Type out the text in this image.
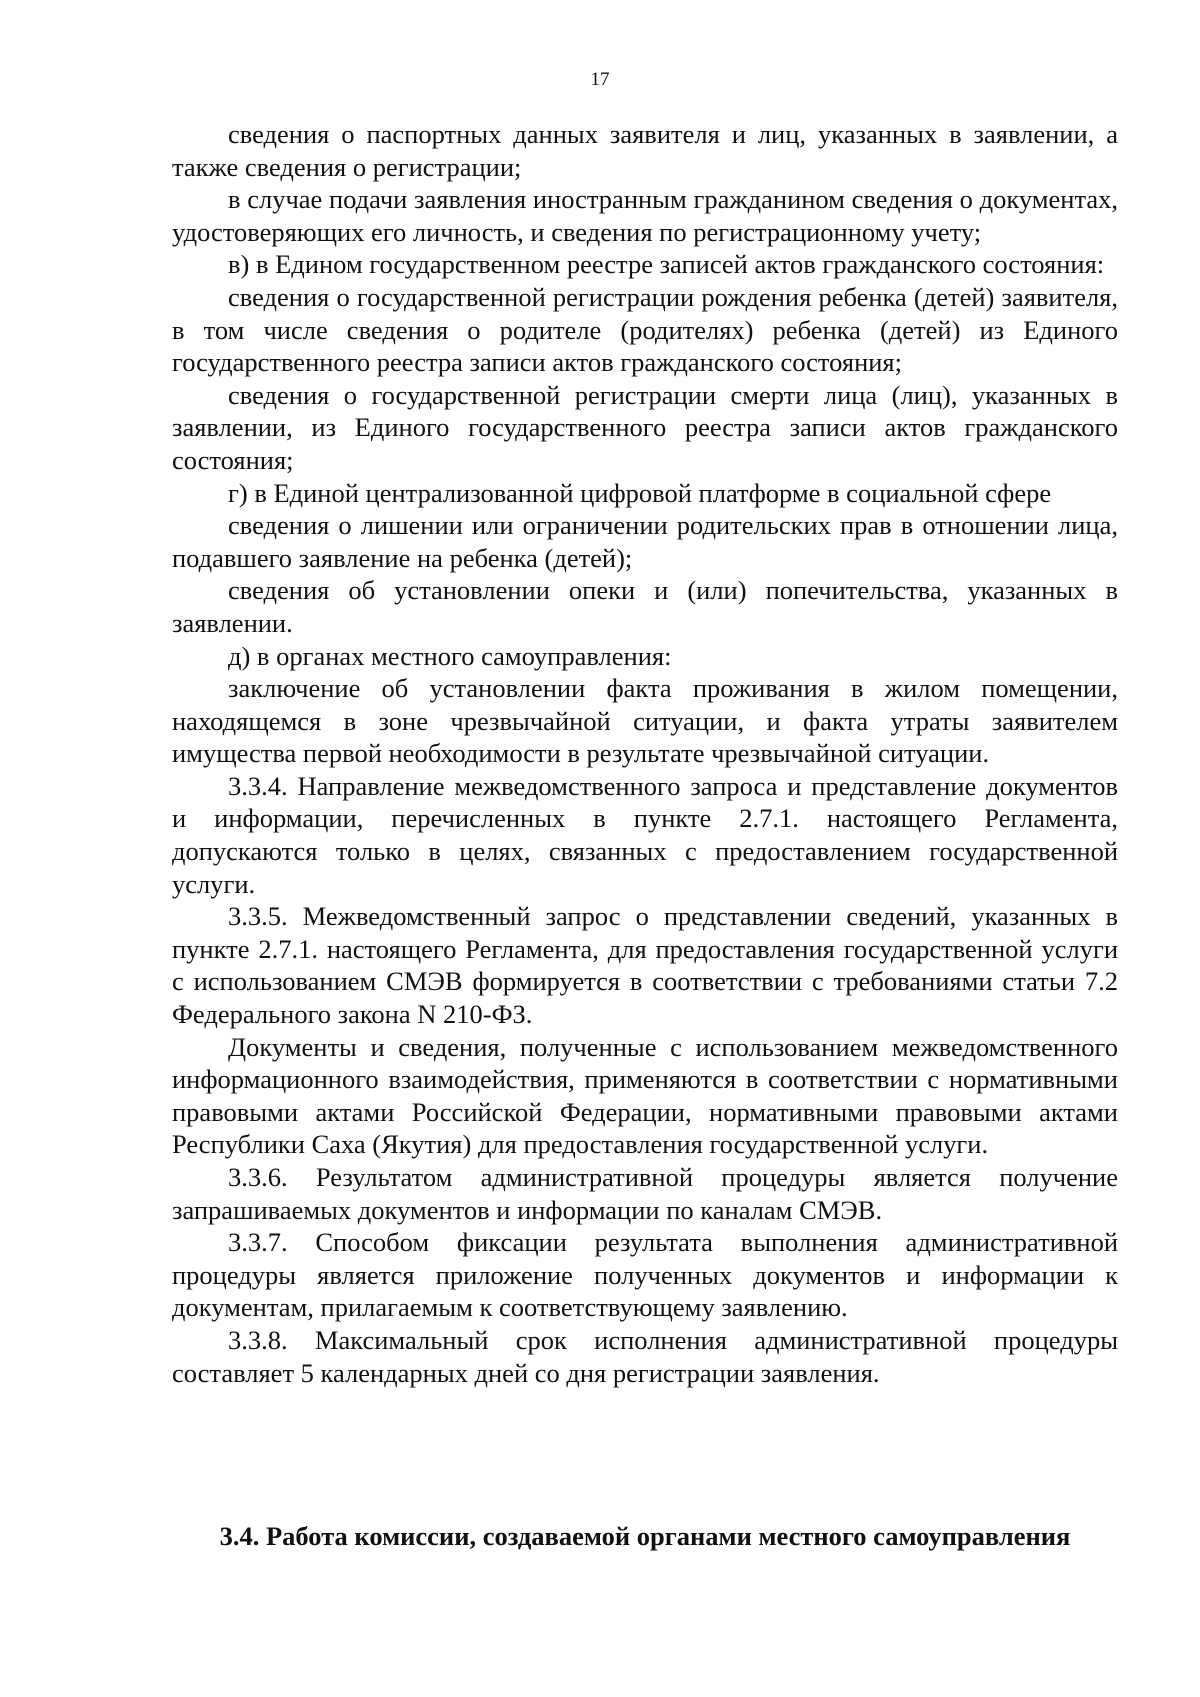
17

сведения о паспортных данных заявителя и лиц, указанных в заявлении, а также сведения о регистрации;

в случае подачи заявления иностранным гражданином сведения о документах, удостоверяющих его личность, и сведения по регистрационному учету;

в) в Едином государственном реестре записей актов гражданского состояния:

сведения о государственной регистрации рождения ребенка (детей) заявителя, в том числе сведения о родителе (родителях) ребенка (детей) из Единого государственного реестра записи актов гражданского состояния;

сведения о государственной регистрации смерти лица (лиц), указанных в заявлении, из Единого государственного реестра записи актов гражданского состояния;

г) в Единой централизованной цифровой платформе в социальной сфере

сведения о лишении или ограничении родительских прав в отношении лица, подавшего заявление на ребенка (детей);

сведения об установлении опеки и (или) попечительства, указанных в заявлении.

д) в органах местного самоуправления:

заключение об установлении факта проживания в жилом помещении, находящемся в зоне чрезвычайной ситуации, и факта утраты заявителем имущества первой необходимости в результате чрезвычайной ситуации.

3.3.4. Направление межведомственного запроса и представление документов и информации, перечисленных в пункте 2.7.1. настоящего Регламента, допускаются только в целях, связанных с предоставлением государственной услуги.

3.3.5. Межведомственный запрос о представлении сведений, указанных в пункте 2.7.1. настоящего Регламента, для предоставления государственной услуги с использованием СМЭВ формируется в соответствии с требованиями статьи 7.2 Федерального закона N 210-ФЗ.

Документы и сведения, полученные с использованием межведомственного информационного взаимодействия, применяются в соответствии с нормативными правовыми актами Российской Федерации, нормативными правовыми актами Республики Саха (Якутия) для предоставления государственной услуги.

3.3.6. Результатом административной процедуры является получение запрашиваемых документов и информации по каналам СМЭВ.

3.3.7. Способом фиксации результата выполнения административной процедуры является приложение полученных документов и информации к документам, прилагаемым к соответствующему заявлению.

3.3.8. Максимальный срок исполнения административной процедуры составляет 5 календарных дней со дня регистрации заявления.

3.4. Работа комиссии, создаваемой органами местного самоуправления
